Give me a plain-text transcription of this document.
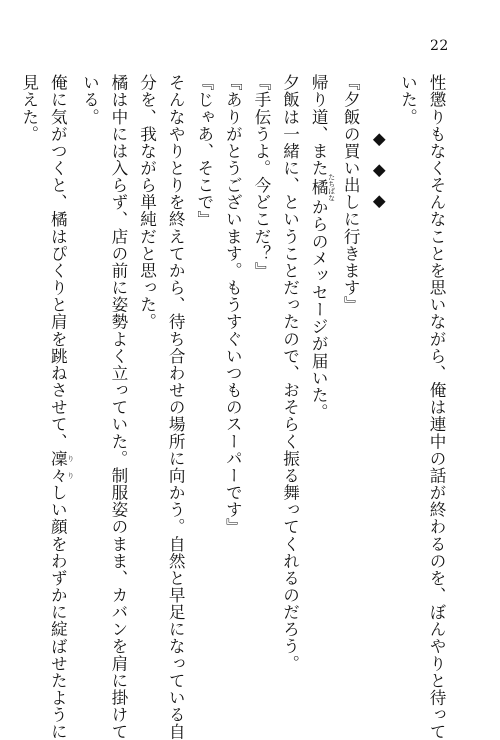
22
性懲りもなくそんなことを思いながら、俺は連中の話が終わるのを、ぼんやりと待って
いた。
◆◆◆
『夕飯の買い出しに行きます』
帰り道、また橘 たちばなからのメッセージが届いた。
夕飯は一緒に、ということだったので、おそらく振る舞ってくれるのだろう。
『手伝うよ。今どこだ？』
『ありがとうございます。もうすぐいつものスーパーです』
『じゃあ、そこで』
そんなやりとりを終えてから、待ち合わせの場所に向かう。自然と早足になっている自
分を、我ながら単純だと思った。
橘は中には入らず、店の前に姿勢よく立っていた。制服姿のまま、カバンを肩に掛けて
いる。
俺に気がつくと、橘はぴくりと肩を跳ねさせて、凜 り々 りしい顔をわずかに綻ばせたように
見えた。
